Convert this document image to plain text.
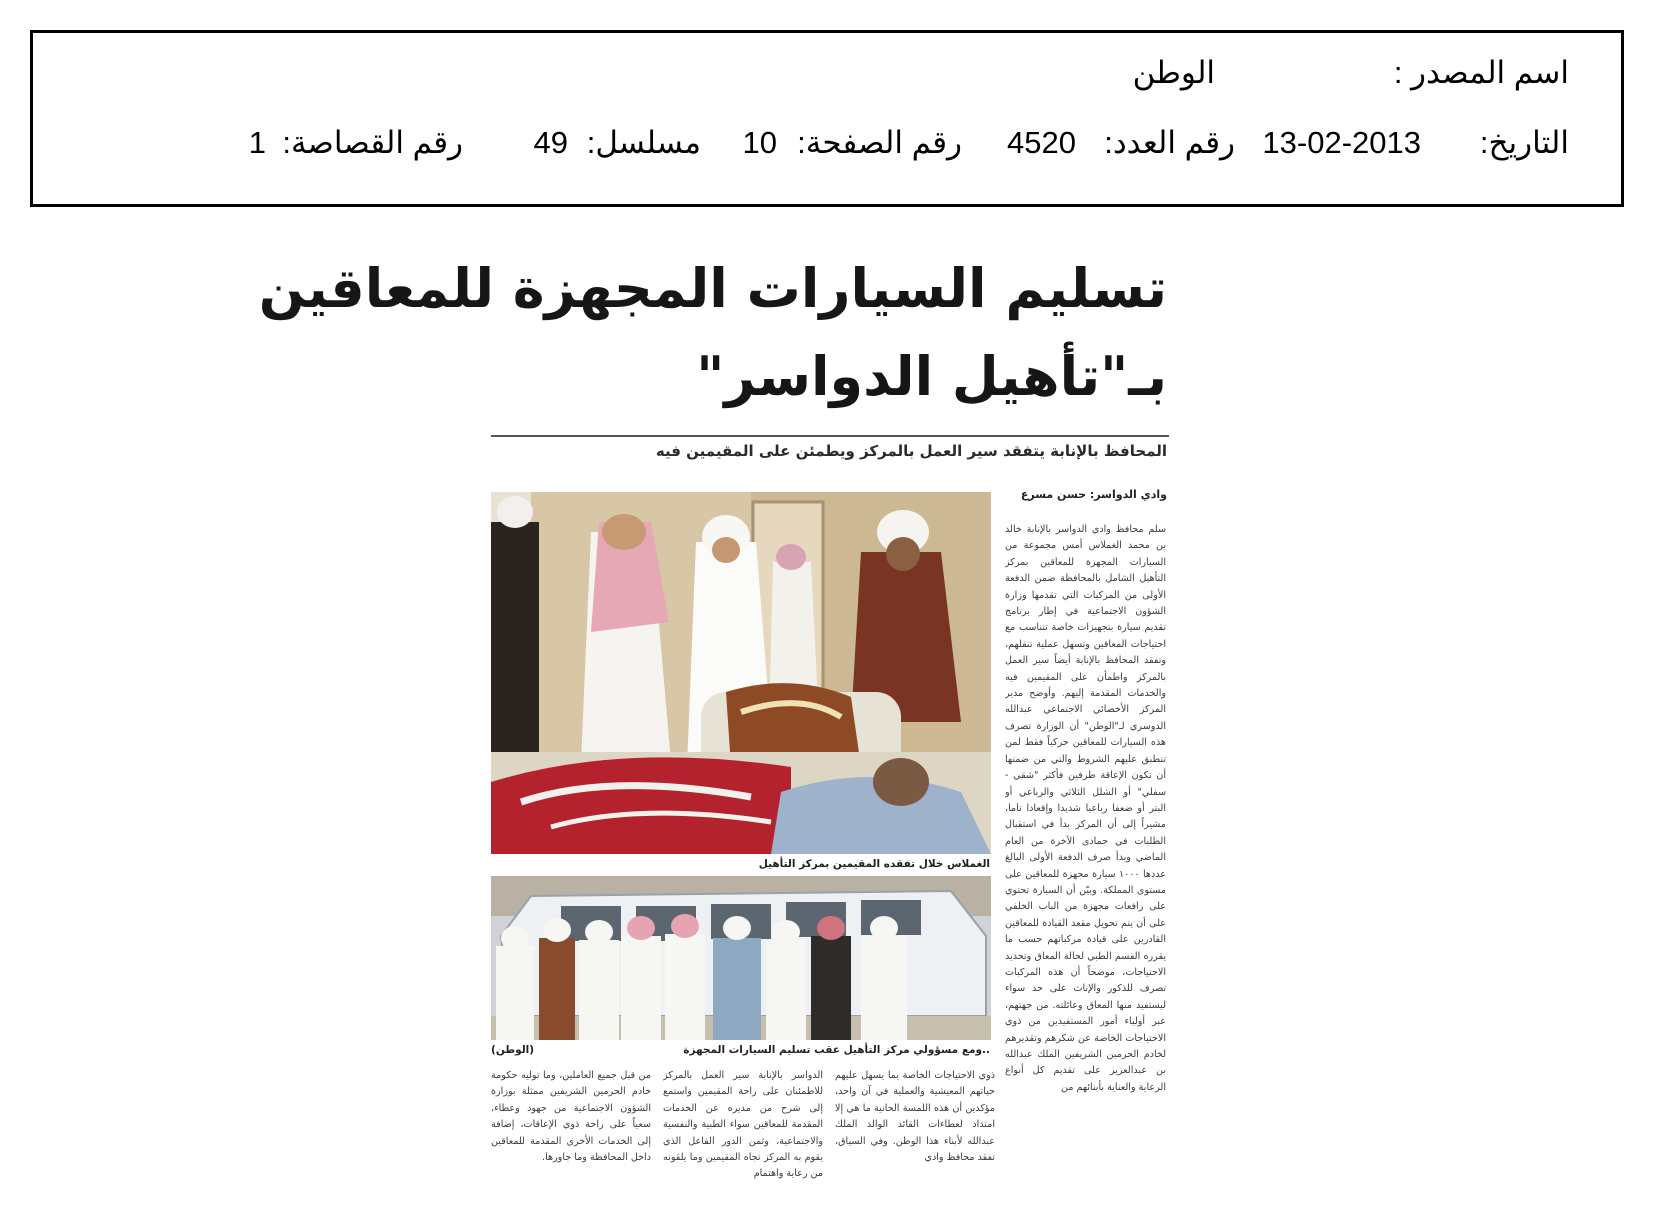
اسم المصدر :
الوطن
التاريخ:
13-02-2013
رقم العدد:
4520
رقم الصفحة:
10
مسلسل:
49
رقم القصاصة:
1
تسليم السيارات المجهزة للمعاقين
بـ"تأهيل الدواسر"
المحافظ بالإنابة يتفقد سير العمل بالمركز ويطمئن على المقيمين فيه
وادي الدواسر: حسن مسرع
الغملاس خلال تفقده المقيمين بمركز التأهيل
..ومع مسؤولي مركز التأهيل عقب تسليم السيارات المجهزة
(الوطن)
سلم محافظ وادي الدواسر بالإنابة خالد بن محمد الغملاس أمس مجموعة من السيارات المجهزة للمعاقين بمركز التأهيل الشامل بالمحافظة ضمن الدفعة الأولى من المركبات التي تقدمها وزارة الشؤون الاجتماعية في إطار برنامج تقديم سيارة بتجهيزات خاصة تتناسب مع احتياجات المعاقين وتسهل عملية تنقلهم، وتفقد المحافظ بالإنابة أيضاً سير العمل بالمركز واطمأن على المقيمين فيه والخدمات المقدمة إليهم. وأوضح مدير المركز الأخصائي الاجتماعي عبدالله الدوسري لـ"الوطن" أن الوزارة تصرف هذه السيارات للمعاقين حركياً فقط لمن تنطبق عليهم الشروط والتي من ضمنها أن تكون الإعاقة طرفين فأكثر "شقي - سفلي" أو الشلل الثلاثي والرباعي أو البتر أو ضعفا رباعيا شديدا وإقعادا تاما، مشيراً إلى أن المركز بدأ في استقبال الطلبات في جمادى الآخرة من العام الماضي وبدأ صرف الدفعة الأولى البالغ عددها ١٠٠٠ سيارة مجهزة للمعاقين على مستوى المملكة. وبيّن أن السيارة تحتوي على رافعات مجهزة من الباب الخلفي على أن يتم تحويل مقعد القيادة للمعاقين القادرين على قيادة مركباتهم حسب ما يقرره القسم الطبي لحالة المعاق وتحديد الاحتياجات، موضحاً أن هذه المركبات تصرف للذكور والإناث على حد سواء ليستفيد منها المعاق وعائلته. من جهتهم، عبر أولياء أمور المستفيدين من ذوي الاحتياجات الخاصة عن شكرهم وتقديرهم لخادم الحرمين الشريفين الملك عبدالله بن عبدالعزيز على تقديم كل أنواع الرعاية والعناية بأبنائهم من
ذوي الاحتياجات الخاصة بما يسهل عليهم حياتهم المعيشية والعملية في آن واحد، مؤكدين أن هذه اللمسة الحانية ما هي إلا امتداد لعطاءات القائد الوالد الملك عبدالله لأبناء هذا الوطن. وفي السياق، تفقد محافظ وادي
الدواسر بالإنابة سير العمل بالمركز للاطمئنان على راحة المقيمين واستمع إلى شرح من مديره عن الخدمات المقدمة للمعاقين سواء الطبية والنفسية والاجتماعية، وثمن الدور الفاعل الذي يقوم به المركز تجاه المقيمين وما يلقونه من رعاية واهتمام
من قبل جميع العاملين، وما توليه حكومة خادم الحرمين الشريفين ممثلة بوزارة الشؤون الاجتماعية من جهود وعطاء، سعياً على راحة ذوي الإعاقات، إضافة إلى الخدمات الأخرى المقدمة للمعاقين داخل المحافظة وما جاورها.
